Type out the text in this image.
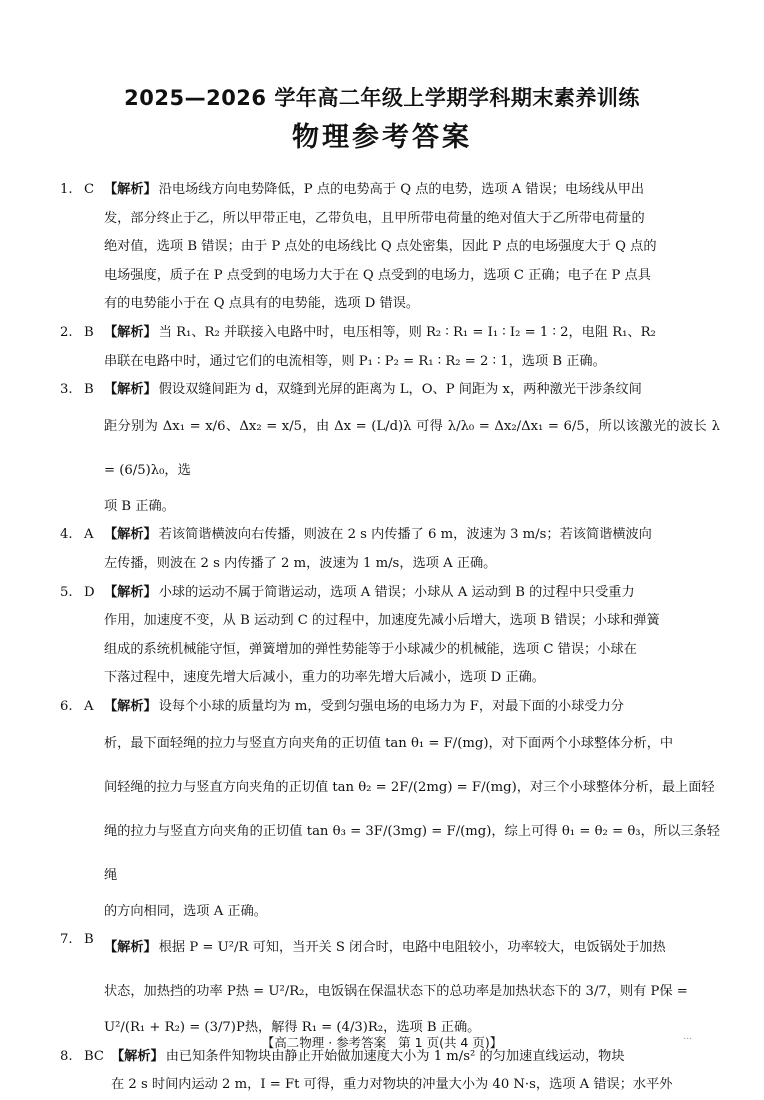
2025—2026 学年高二年级上学期学科期末素养训练
物理参考答案
1. C 【解析】 沿电场线方向电势降低，P 点的电势高于 Q 点的电势，选项 A 错误；电场线从甲出
发，部分终止于乙，所以甲带正电，乙带负电，且甲所带电荷量的绝对值大于乙所带电荷量的
绝对值，选项 B 错误；由于 P 点处的电场线比 Q 点处密集，因此 P 点的电场强度大于 Q 点的
电场强度，质子在 P 点受到的电场力大于在 Q 点受到的电场力，选项 C 正确；电子在 P 点具
有的电势能小于在 Q 点具有的电势能，选项 D 错误。
2. B 【解析】 当 R₁、R₂ 并联接入电路中时，电压相等，则 R₂ ∶ R₁ = I₁ ∶ I₂ = 1 ∶ 2，电阻 R₁、R₂
串联在电路中时，通过它们的电流相等，则 P₁ ∶ P₂ = R₁ ∶ R₂ = 2 ∶ 1，选项 B 正确。
3. B 【解析】 假设双缝间距为 d，双缝到光屏的距离为 L，O、P 间距为 x，两种激光干涉条纹间
距分别为 Δx₁ = x/6、Δx₂ = x/5，由 Δx = (L/d)λ 可得 λ/λ₀ = Δx₂/Δx₁ = 6/5，所以该激光的波长 λ = (6/5)λ₀，选
项 B 正确。
4. A 【解析】 若该简谐横波向右传播，则波在 2 s 内传播了 6 m，波速为 3 m/s；若该简谐横波向
左传播，则波在 2 s 内传播了 2 m，波速为 1 m/s，选项 A 正确。
5. D 【解析】 小球的运动不属于简谐运动，选项 A 错误；小球从 A 运动到 B 的过程中只受重力
作用，加速度不变，从 B 运动到 C 的过程中，加速度先减小后增大，选项 B 错误；小球和弹簧
组成的系统机械能守恒，弹簧增加的弹性势能等于小球减少的机械能，选项 C 错误；小球在
下落过程中，速度先增大后减小，重力的功率先增大后减小，选项 D 正确。
6. A 【解析】 设每个小球的质量均为 m，受到匀强电场的电场力为 F，对最下面的小球受力分
析，最下面轻绳的拉力与竖直方向夹角的正切值 tan θ₁ = F/(mg)，对下面两个小球整体分析，中
间轻绳的拉力与竖直方向夹角的正切值 tan θ₂ = 2F/(2mg) = F/(mg)，对三个小球整体分析，最上面轻
绳的拉力与竖直方向夹角的正切值 tan θ₃ = 3F/(3mg) = F/(mg)，综上可得 θ₁ = θ₂ = θ₃，所以三条轻绳
的方向相同，选项 A 正确。
7. B
【解析】 根据 P = U²/R 可知，当开关 S 闭合时，电路中电阻较小，功率较大，电饭锅处于加热
状态，加热挡的功率 P热 = U²/R₂，电饭锅在保温状态下的总功率是加热状态下的 3/7，则有 P保 =
U²/(R₁ + R₂) = (3/7)P热，解得 R₁ = (4/3)R₂，选项 B 正确。
8. BC 【解析】 由已知条件知物块由静止开始做加速度大小为 1 m/s² 的匀加速直线运动，物块
在 2 s 时间内运动 2 m，I = Ft 可得，重力对物块的冲量大小为 40 N·s，选项 A 错误；水平外
【高二物理 · 参考答案 第 1 页(共 4 页)】	...
